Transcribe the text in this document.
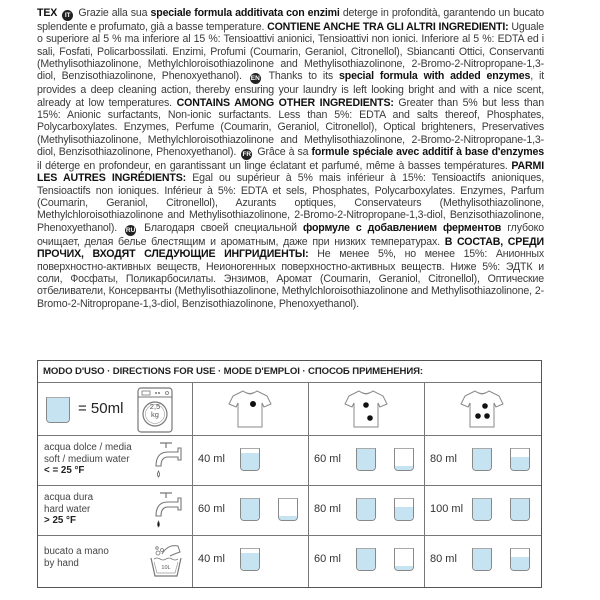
TEX IT Grazie alla sua speciale formula additivata con enzimi deterge in profondità, garantendo un bucato splendente e profumato, già a basse temperature. CONTIENE ANCHE TRA GLI ALTRI INGREDIENTI: Uguale o superiore al 5 % ma inferiore al 15 %: Tensioattivi anionici, Tensioattivi non ionici. Inferiore al 5 %: EDTA ed i sali, Fosfati, Policarbossilati. Enzimi, Profumi (Coumarin, Geraniol, Citronellol), Sbiancanti Ottici, Conservanti (Methylisothiazolinone, Methylchloroisothiazolinone and Methylisothiazolinone, 2-Bromo-2-Nitropropane-1,3-diol, Benzisothiazolinone, Phenoxyethanol). EN Thanks to its special formula with added enzymes, it provides a deep cleaning action, thereby ensuring your laundry is left looking bright and with a nice scent, already at low temperatures. CONTAINS AMONG OTHER INGREDIENTS: Greater than 5% but less than 15%: Anionic surfactants, Non-ionic surfactants. Less than 5%: EDTA and salts thereof, Phosphates, Polycarboxylates. Enzymes, Perfume (Coumarin, Geraniol, Citronellol), Optical brighteners, Preservatives (Methylisothiazolinone, Methylchloroisothiazolinone and Methylisothiazolinone, 2-Bromo-2-Nitropropane-1,3-diol, Benzisothiazolinone, Phenoxyethanol). FR Grâce à sa formule spéciale avec additif à base d'enzymes il déterge en profondeur, en garantissant un linge éclatant et parfumé, même à basses températures. PARMI LES AUTRES INGRÉDIENTS: Egal ou supérieur à 5% mais inférieur à 15%: Tensioactifs anioniques, Tensioactifs non ioniques. Inférieur à 5%: EDTA et sels, Phosphates, Polycarboxylates. Enzymes, Parfum (Coumarin, Geraniol, Citronellol), Azurants optiques, Conservateurs (Methylisothiazolinone, Methylchloroisothiazolinone and Methylisothiazolinone, 2-Bromo-2-Nitropropane-1,3-diol, Benzisothiazolinone, Phenoxyethanol). RU Благодаря своей специальной формуле с добавлением ферментов глубоко очищает, делая белье блестящим и ароматным, даже при низких температурах. В СОСТАВ, СРЕДИ ПРОЧИХ, ВХОДЯТ СЛЕДУЮЩИЕ ИНГРИДИЕНТЫ: Не менее 5%, но менее 15%: Анионных поверхностно-активных веществ, Неионогенных поверхностно-активных веществ. Ниже 5%: ЭДТК и соли, Фосфаты, Поликарбосилаты. Энзимов, Аромат (Coumarin, Geraniol, Citronellol), Оптические отбеливатели, Консерванты (Methylisothiazolinone, Methylchloroisothiazolinone and Methylisothiazolinone, 2-Bromo-2-Nitropropane-1,3-diol, Benzisothiazolinone, Phenoxyethanol).
MODO D'USO · DIRECTIONS FOR USE · MODE D'EMPLOI · СПОСОБ ПРИМЕНЕНИЯ:
= 50ml	2,5
kg
acqua dolce / media
soft / medium water
< = 25 °F
40 ml	60 ml	80 ml
acqua dura
hard water
> 25 °F
60 ml	80 ml	100 ml
bucato a mano
by hand	10L
40 ml	60 ml	80 ml
